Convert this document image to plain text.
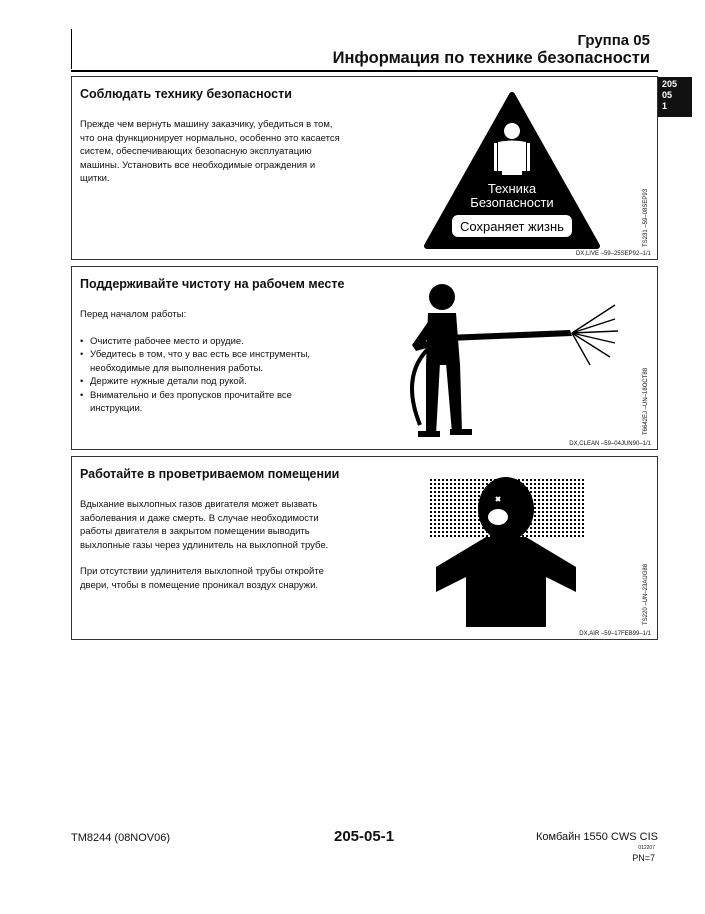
Группа 05
Информация по технике безопасности
205
05
1
Соблюдать технику безопасности

Прежде чем вернуть машину заказчику, убедиться в том, что она функционирует нормально, особенно это касается систем, обеспечивающих безопасную эксплуатацию машины. Установить все необходимые ограждения и щитки.

Техника
Безопасности
Сохраняет жизнь	TS231 –59–08SEP93
DX,LIVE –59–25SEP92–1/1
Поддерживайте чистоту на рабочем месте

Перед началом работы:

• Очистите рабочее место и орудие.
• Убедитесь в том, что у вас есть все инструменты, необходимые для выполнения работы.
• Держите нужные детали под рукой.
• Внимательно и без пропусков прочитайте все инструкции.	T6642EJ –UN–18OCT88
DX,CLEAN –59–04JUN90–1/1
Работайте в проветриваемом помещении

Вдыхание выхлопных газов двигателя может вызвать заболевания и даже смерть. В случае необходимости работы двигателя в закрытом помещении выводить выхлопные газы через удлинитель на выхлопной трубе.

При отсутствии удлинителя выхлопной трубы откройте двери, чтобы в помещение проникал воздух снаружи.	TS220 –UN–23AUG88
DX,AIR –59–17FEB99–1/1
TM8244 (08NOV06)	205-05-1	Комбайн 1550 CWS CIS
012207
PN=7
